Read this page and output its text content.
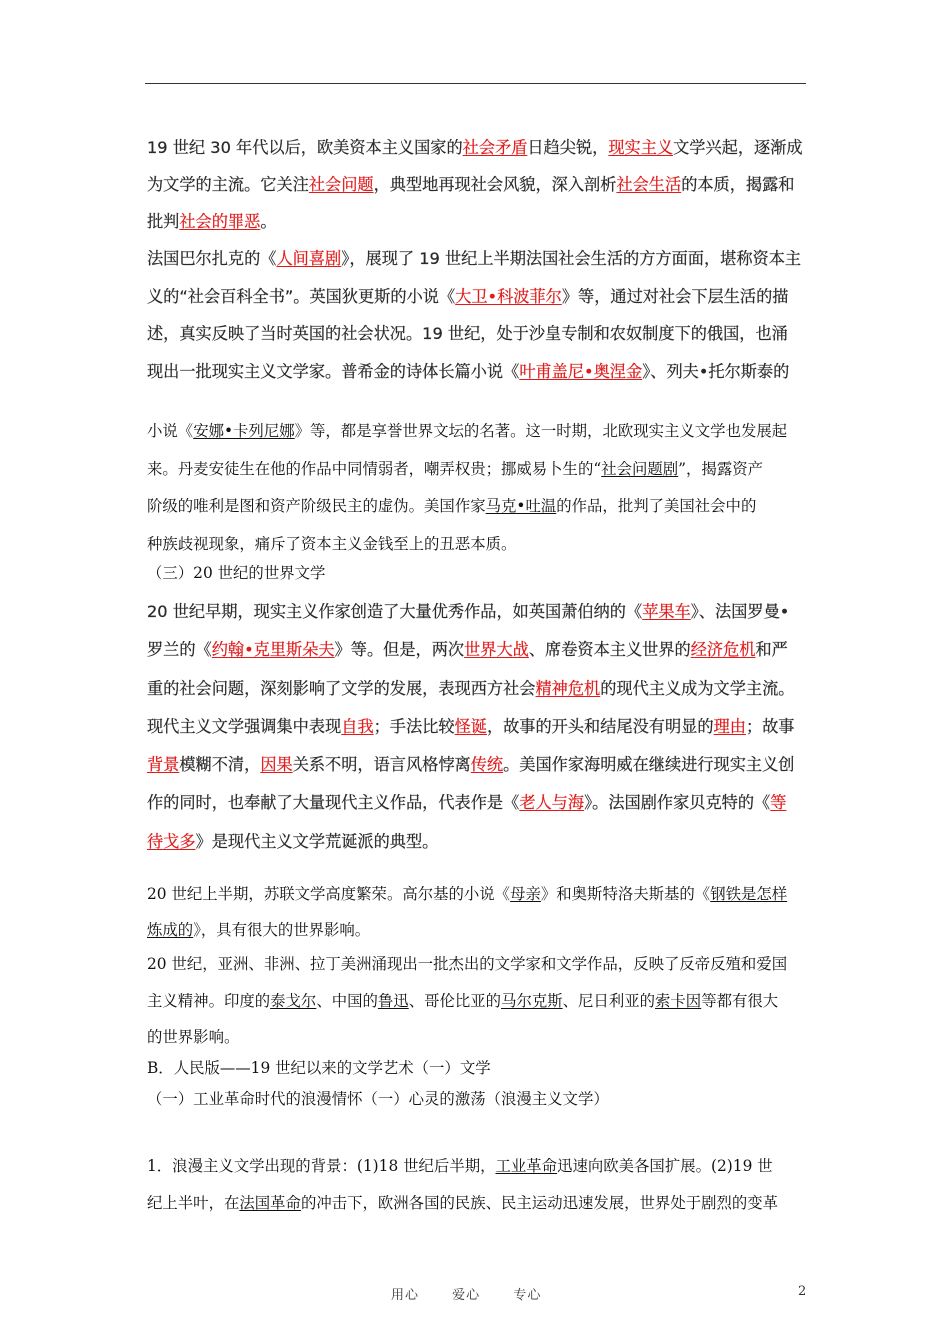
19 世纪 30 年代以后，欧美资本主义国家的社会矛盾日趋尖锐，现实主义文学兴起，逐渐成
为文学的主流。它关注社会问题，典型地再现社会风貌，深入剖析社会生活的本质，揭露和
批判社会的罪恶。
法国巴尔扎克的《人间喜剧》，展现了 19 世纪上半期法国社会生活的方方面面，堪称资本主
义的“社会百科全书”。英国狄更斯的小说《大卫•科波菲尔》等，通过对社会下层生活的描
述，真实反映了当时英国的社会状况。19 世纪，处于沙皇专制和农奴制度下的俄国，也涌
现出一批现实主义文学家。普希金的诗体长篇小说《叶甫盖尼•奥涅金》、列夫•托尔斯泰的
小说《安娜•卡列尼娜》等，都是享誉世界文坛的名著。这一时期，北欧现实主义文学也发展起
来。丹麦安徒生在他的作品中同情弱者，嘲弄权贵；挪威易卜生的“社会问题剧”，揭露资产
阶级的唯利是图和资产阶级民主的虚伪。美国作家马克•吐温的作品，批判了美国社会中的
种族歧视现象，痛斥了资本主义金钱至上的丑恶本质。
（三）20 世纪的世界文学
20 世纪早期，现实主义作家创造了大量优秀作品，如英国萧伯纳的《苹果车》、法国罗曼•
罗兰的《约翰•克里斯朵夫》等。但是，两次世界大战、席卷资本主义世界的经济危机和严
重的社会问题，深刻影响了文学的发展，表现西方社会精神危机的现代主义成为文学主流。
现代主义文学强调集中表现自我；手法比较怪诞，故事的开头和结尾没有明显的理由；故事
背景模糊不清，因果关系不明，语言风格悖离传统。美国作家海明威在继续进行现实主义创
作的同时，也奉献了大量现代主义作品，代表作是《老人与海》。法国剧作家贝克特的《等
待戈多》是现代主义文学荒诞派的典型。
20 世纪上半期，苏联文学高度繁荣。高尔基的小说《母亲》和奥斯特洛夫斯基的《钢铁是怎样
炼成的》，具有很大的世界影响。
20 世纪，亚洲、非洲、拉丁美洲涌现出一批杰出的文学家和文学作品，反映了反帝反殖和爱国
主义精神。印度的泰戈尔、中国的鲁迅、哥伦比亚的马尔克斯、尼日利亚的索卡因等都有很大
的世界影响。
B．人民版——19 世纪以来的文学艺术（一）文学
（一）工业革命时代的浪漫情怀（一）心灵的激荡（浪漫主义文学）
1．浪漫主义文学出现的背景：(1)18 世纪后半期，工业革命迅速向欧美各国扩展。(2)19 世
纪上半叶，在法国革命的冲击下，欧洲各国的民族、民主运动迅速发展，世界处于剧烈的变革
用心	爱心	专心	2
